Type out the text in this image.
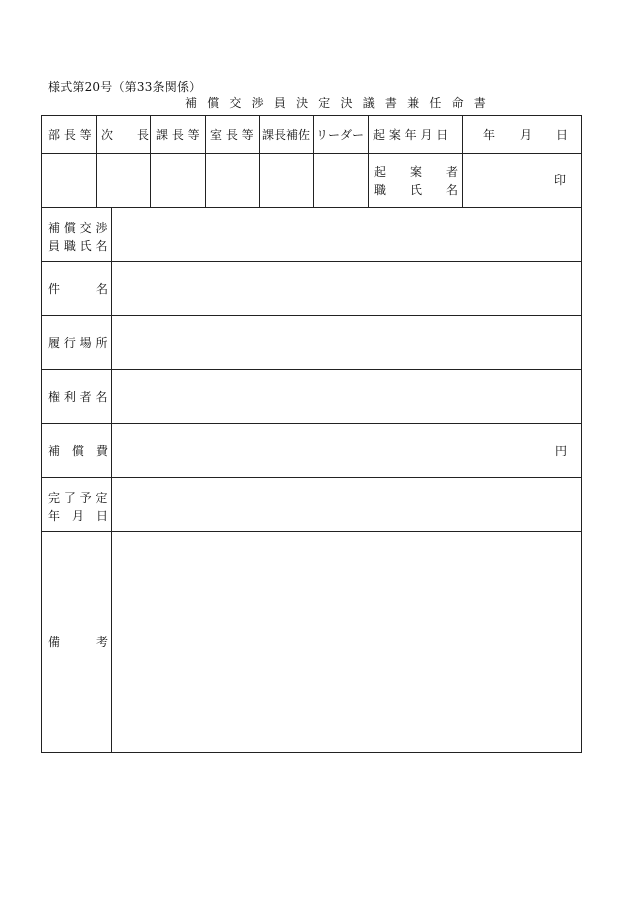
様式第20号（第33条関係）
補 償 交 渉 員 決 定 決 議 書 兼 任 命 書
部 長 等 次　　長 課 長 等 室 長 等 課長補佐 リーダー 起 案 年 月 日	年 月 日
起　　案　　者
職　　氏　　名
印
補 償 交 渉
員 職 氏 名
件　　　名
履 行 場 所
権 利 者 名
補　償　費	円
完 了 予 定
年　月　日
備　　　考
